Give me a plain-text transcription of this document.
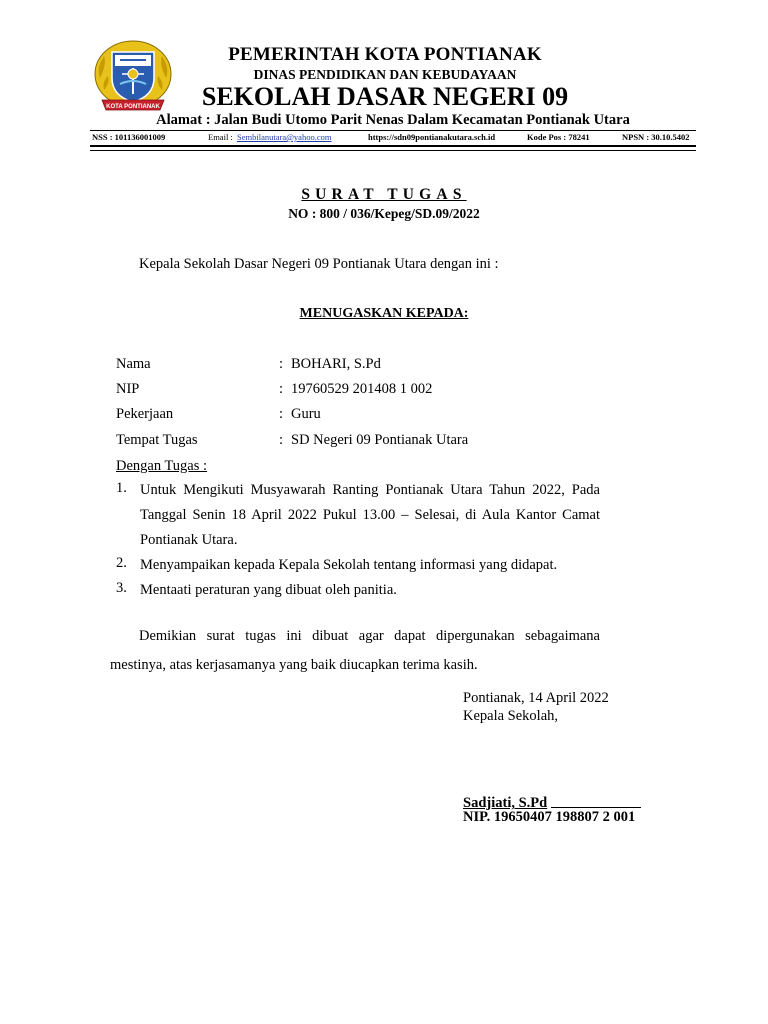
KOTA PONTIANAK
PEMERINTAH KOTA PONTIANAK
DINAS PENDIDIKAN DAN KEBUDAYAAN
SEKOLAH DASAR NEGERI 09
Alamat : Jalan Budi Utomo Parit Nenas Dalam Kecamatan Pontianak Utara
NSS : 101136001009	Email : Sembilanutara@yahoo.com	https://sdn09pontianakutara.sch.id	Kode Pos : 78241	NPSN : 30.10.5402
SURAT TUGAS
NO : 800 / 036/Kepeg/SD.09/2022
Kepala Sekolah Dasar Negeri 09 Pontianak Utara dengan ini :
MENUGASKAN KEPADA:
Nama	: BOHARI, S.Pd
NIP	: 19760529 201408 1 002
Pekerjaan	: Guru
Tempat Tugas	: SD Negeri 09 Pontianak Utara
Dengan Tugas :
1. Untuk Mengikuti Musyawarah Ranting Pontianak Utara Tahun 2022, Pada Tanggal Senin 18 April 2022 Pukul 13.00 – Selesai, di Aula Kantor Camat Pontianak Utara.
2. Menyampaikan kepada Kepala Sekolah tentang informasi yang didapat.
3. Mentaati peraturan yang dibuat oleh panitia.
Demikian surat tugas ini dibuat agar dapat dipergunakan sebagaimana mestinya, atas kerjasamanya yang baik diucapkan terima kasih.
Pontianak, 14 April 2022
Kepala Sekolah,
Sadjiati, S.Pd
NIP. 19650407 198807 2 001
